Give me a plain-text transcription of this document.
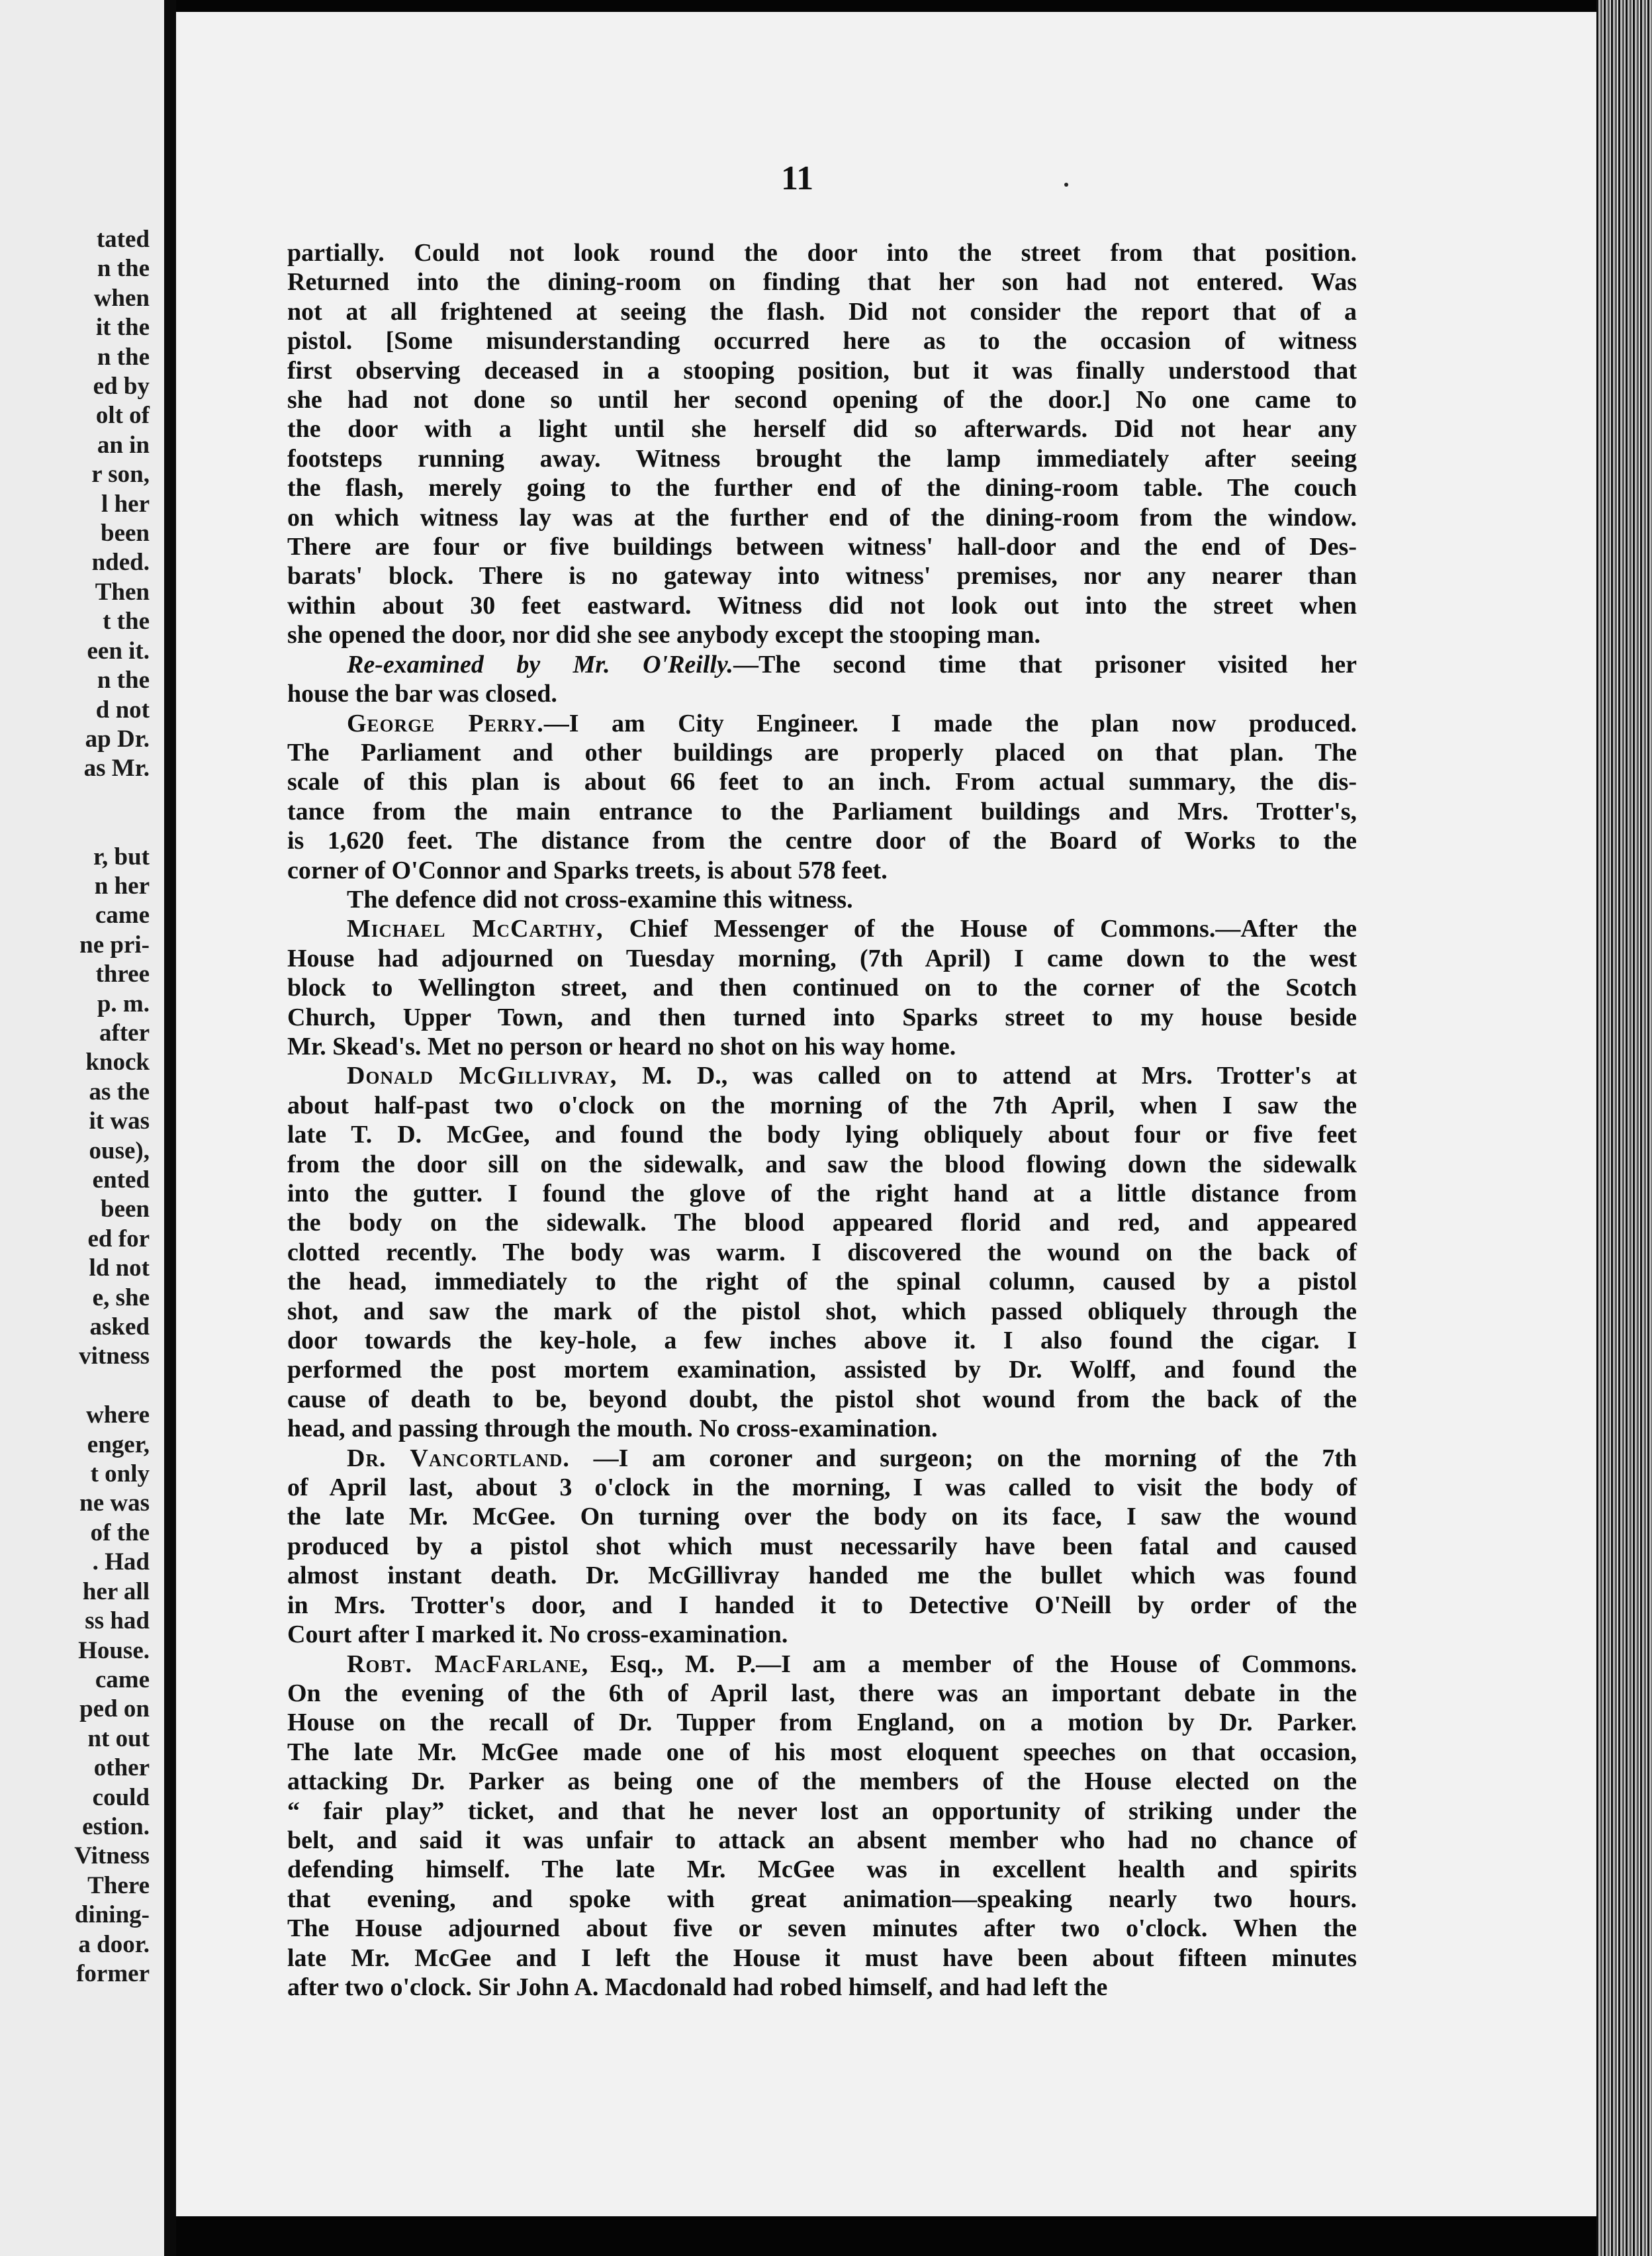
tated
n the
when
it the
n the
ed by
olt of
an in
r son,
l her
been
nded.
Then
t the
een it.
n the
d not
ap Dr.
as Mr.

r, but
n her
came
ne pri-
three
p. m.
after
knock
as the
it was
ouse),
ented
been
ed for
ld not
e, she
asked
vitness

where
enger,
t only
ne was
of the
. Had
her all
ss had
House.
came
ped on
nt out
other
could
estion.
Vitness
There
dining-
a door.
former
11
partially. Could not look round the door into the street from that position.
Returned into the dining-room on finding that her son had not entered. Was
not at all frightened at seeing the flash. Did not consider the report that of a
pistol. [Some misunderstanding occurred here as to the occasion of witness
first observing deceased in a stooping position, but it was finally understood that
she had not done so until her second opening of the door.] No one came to
the door with a light until she herself did so afterwards. Did not hear any
footsteps running away. Witness brought the lamp immediately after seeing
the flash, merely going to the further end of the dining-room table. The couch
on which witness lay was at the further end of the dining-room from the window.
There are four or five buildings between witness' hall-door and the end of Des-
barats' block. There is no gateway into witness' premises, nor any nearer than
within about 30 feet eastward. Witness did not look out into the street when
she opened the door, nor did she see anybody except the stooping man.
Re-examined by Mr. O'Reilly.—The second time that prisoner visited her
house the bar was closed.
George Perry.—I am City Engineer. I made the plan now produced.
The Parliament and other buildings are properly placed on that plan. The
scale of this plan is about 66 feet to an inch. From actual summary, the dis-
tance from the main entrance to the Parliament buildings and Mrs. Trotter's,
is 1,620 feet. The distance from the centre door of the Board of Works to the
corner of O'Connor and Sparks treets, is about 578 feet.
The defence did not cross-examine this witness.
Michael McCarthy, Chief Messenger of the House of Commons.—After the
House had adjourned on Tuesday morning, (7th April) I came down to the west
block to Wellington street, and then continued on to the corner of the Scotch
Church, Upper Town, and then turned into Sparks street to my house beside
Mr. Skead's. Met no person or heard no shot on his way home.
Donald McGillivray, M. D., was called on to attend at Mrs. Trotter's at
about half-past two o'clock on the morning of the 7th April, when I saw the
late T. D. McGee, and found the body lying obliquely about four or five feet
from the door sill on the sidewalk, and saw the blood flowing down the sidewalk
into the gutter. I found the glove of the right hand at a little distance from
the body on the sidewalk. The blood appeared florid and red, and appeared
clotted recently. The body was warm. I discovered the wound on the back of
the head, immediately to the right of the spinal column, caused by a pistol
shot, and saw the mark of the pistol shot, which passed obliquely through the
door towards the key-hole, a few inches above it. I also found the cigar. I
performed the post mortem examination, assisted by Dr. Wolff, and found the
cause of death to be, beyond doubt, the pistol shot wound from the back of the
head, and passing through the mouth. No cross-examination.
Dr. Vancortland. —I am coroner and surgeon; on the morning of the 7th
of April last, about 3 o'clock in the morning, I was called to visit the body of
the late Mr. McGee. On turning over the body on its face, I saw the wound
produced by a pistol shot which must necessarily have been fatal and caused
almost instant death. Dr. McGillivray handed me the bullet which was found
in Mrs. Trotter's door, and I handed it to Detective O'Neill by order of the
Court after I marked it. No cross-examination.
Robt. MacFarlane, Esq., M. P.—I am a member of the House of Commons.
On the evening of the 6th of April last, there was an important debate in the
House on the recall of Dr. Tupper from England, on a motion by Dr. Parker.
The late Mr. McGee made one of his most eloquent speeches on that occasion,
attacking Dr. Parker as being one of the members of the House elected on the
“ fair play” ticket, and that he never lost an opportunity of striking under the
belt, and said it was unfair to attack an absent member who had no chance of
defending himself. The late Mr. McGee was in excellent health and spirits
that evening, and spoke with great animation—speaking nearly two hours.
The House adjourned about five or seven minutes after two o'clock. When the
late Mr. McGee and I left the House it must have been about fifteen minutes
after two o'clock. Sir John A. Macdonald had robed himself, and had left the
